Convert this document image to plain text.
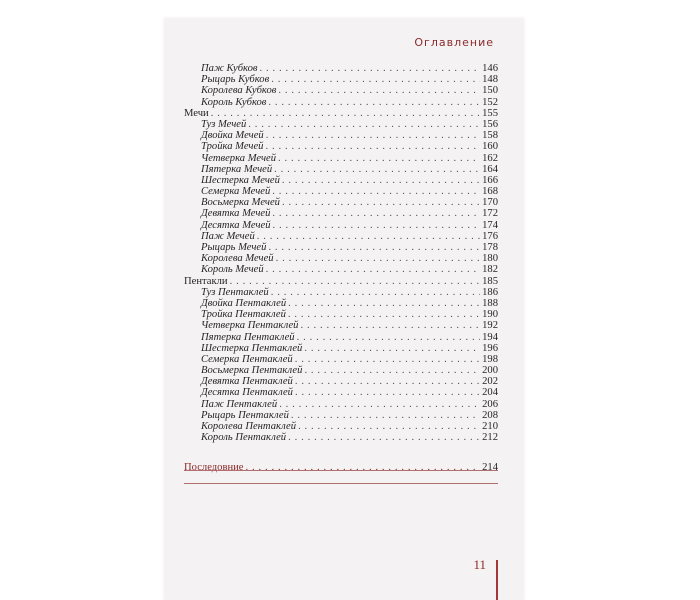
Оглавление
Паж Кубков . . .	146
Рыцарь Кубков . . .	148
Королева Кубков . . .	150
Король Кубков . . .	152
Мечи . . .	155
Туз Мечей . . .	156
Двойка Мечей . . .	158
Тройка Мечей . . .	160
Четверка Мечей . . .	162
Пятерка Мечей . . .	164
Шестерка Мечей . . .	166
Семерка Мечей . . .	168
Восьмерка Мечей . . .	170
Девятка Мечей . . .	172
Десятка Мечей . . .	174
Паж Мечей . . .	176
Рыцарь Мечей . . .	178
Королева Мечей . . .	180
Король Мечей . . .	182
Пентакли . . .	185
Туз Пентаклей . . .	186
Двойка Пентаклей . . .	188
Тройка Пентаклей . . .	190
Четверка Пентаклей . . .	192
Пятерка Пентаклей . . .	194
Шестерка Пентаклей . . .	196
Семерка Пентаклей . . .	198
Восьмерка Пентаклей . . .	200
Девятка Пентаклей . . .	202
Десятка Пентаклей . . .	204
Паж Пентаклей . . .	206
Рыцарь Пентаклей . . .	208
Королева Пентаклей . . .	210
Король Пентаклей . . .	212
Последовние . . .	214
11
